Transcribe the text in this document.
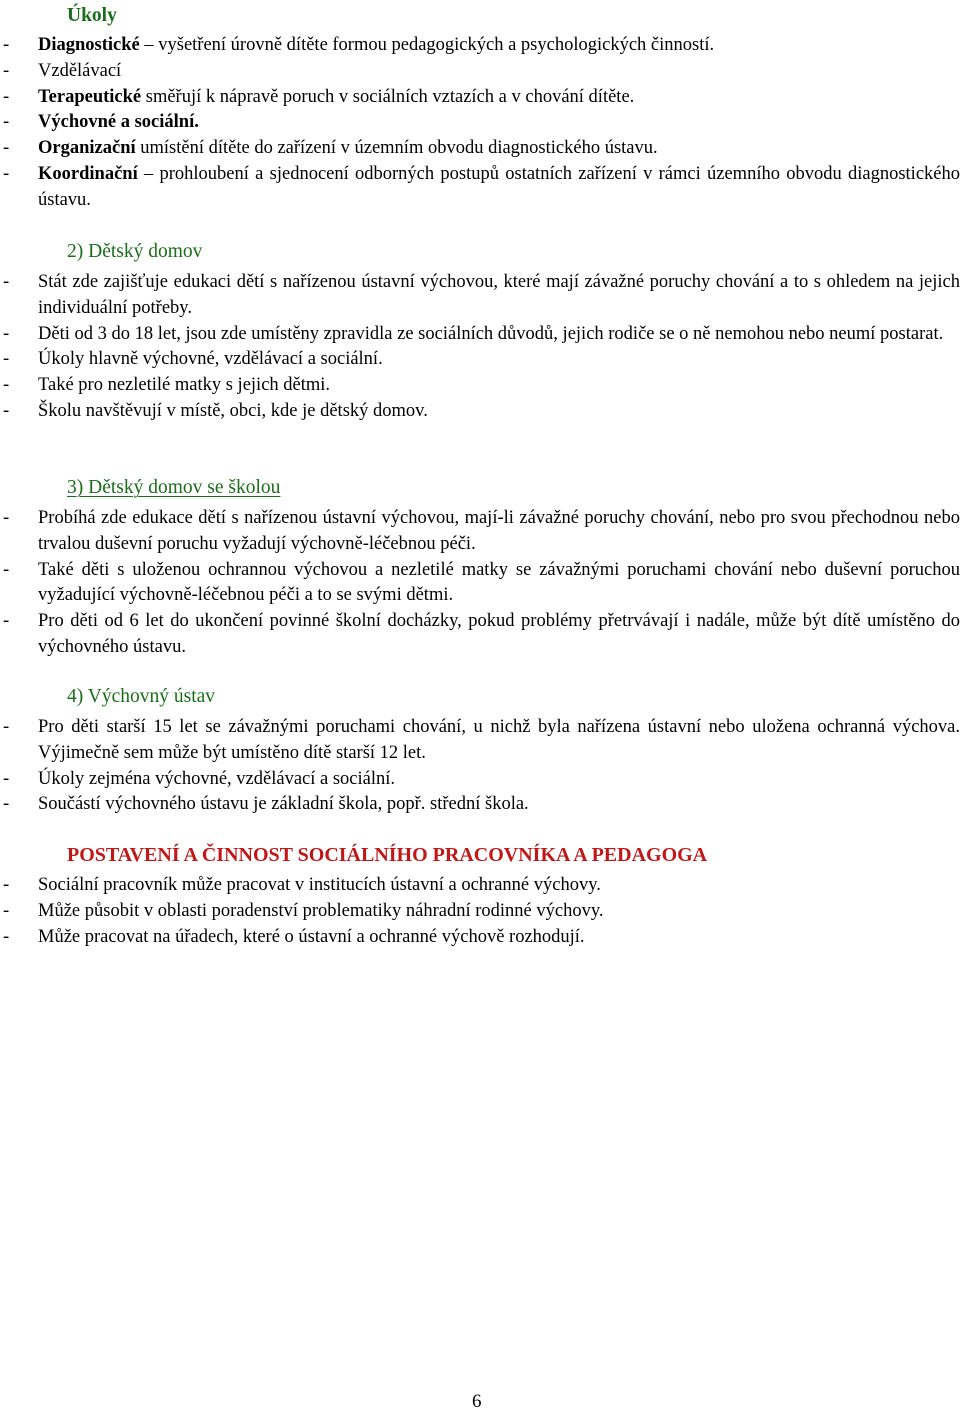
Úkoly
- Diagnostické – vyšetření úrovně dítěte formou pedagogických a psychologických činností.
- Vzdělávací
- Terapeutické směřují k nápravě poruch v sociálních vztazích a v chování dítěte.
- Výchovné a sociální.
- Organizační umístění dítěte do zařízení v územním obvodu diagnostického ústavu.
- Koordinační – prohloubení a sjednocení odborných postupů ostatních zařízení v rámci územního obvodu diagnostického ústavu.
2) Dětský domov
- Stát zde zajišťuje edukaci dětí s nařízenou ústavní výchovou, které mají závažné poruchy chování a to s ohledem na jejich individuální potřeby.
- Děti od 3 do 18 let, jsou zde umístěny zpravidla ze sociálních důvodů, jejich rodiče se o ně nemohou nebo neumí postarat.
- Úkoly hlavně výchovné, vzdělávací a sociální.
- Také pro nezletilé matky s jejich dětmi.
- Školu navštěvují v místě, obci, kde je dětský domov.
3) Dětský domov se školou
- Probíhá zde edukace dětí s nařízenou ústavní výchovou, mají-li závažné poruchy chování, nebo pro svou přechodnou nebo trvalou duševní poruchu vyžadují výchovně-léčebnou péči.
- Také děti s uloženou ochrannou výchovou a nezletilé matky se závažnými poruchami chování nebo duševní poruchou vyžadující výchovně-léčebnou péči a to se svými dětmi.
- Pro děti od 6 let do ukončení povinné školní docházky, pokud problémy přetrvávají i nadále, může být dítě umístěno do výchovného ústavu.
4) Výchovný ústav
- Pro děti starší 15 let se závažnými poruchami chování, u nichž byla nařízena ústavní nebo uložena ochranná výchova. Výjimečně sem může být umístěno dítě starší 12 let.
- Úkoly zejména výchovné, vzdělávací a sociální.
- Součástí výchovného ústavu je základní škola, popř. střední škola.
POSTAVENÍ A ČINNOST SOCIÁLNÍHO PRACOVNÍKA A PEDAGOGA
- Sociální pracovník může pracovat v institucích ústavní a ochranné výchovy.
- Může působit v oblasti poradenství problematiky náhradní rodinné výchovy.
- Může pracovat na úřadech, které o ústavní a ochranné výchově rozhodují.
6
